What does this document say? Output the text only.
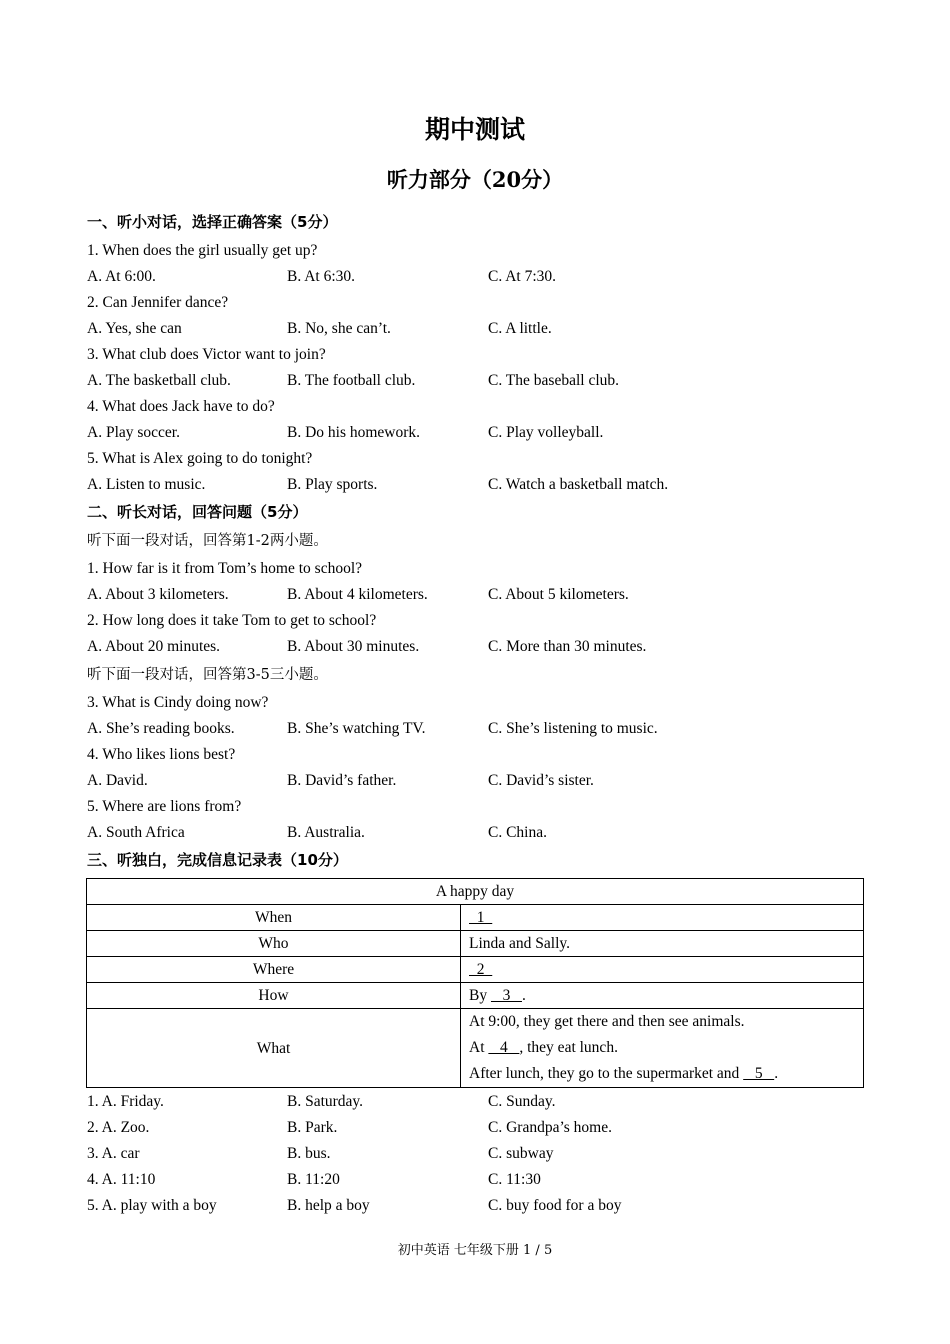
期中测试
听力部分（20分）
一、听小对话，选择正确答案（5分）
1. When does the girl usually get up?
A. At 6:00.	B. At 6:30.	C. At 7:30.
2. Can Jennifer dance?
A. Yes, she can	B. No, she can’t.	C. A little.
3. What club does Victor want to join?
A. The basketball club.	B. The football club.	C. The baseball club.
4. What does Jack have to do?
A. Play soccer.	B. Do his homework.	C. Play volleyball.
5. What is Alex going to do tonight?
A. Listen to music.	B. Play sports.	C. Watch a basketball match.
二、听长对话，回答问题（5分）
听下面一段对话，回答第1-2两小题。
1. How far is it from Tom’s home to school?
A. About 3 kilometers.	B. About 4 kilometers.	C. About 5 kilometers.
2. How long does it take Tom to get to school?
A. About 20 minutes.	B. About 30 minutes.	C. More than 30 minutes.
听下面一段对话，回答第3-5三小题。
3. What is Cindy doing now?
A. She’s reading books.	B. She’s watching TV.	C. She’s listening to music.
4. Who likes lions best?
A. David.	B. David’s father.	C. David’s sister.
5. Where are lions from?
A. South Africa	B. Australia.	C. China.
三、听独白，完成信息记录表（10分）
A happy day	
When	1
Who	Linda and Sally.
Where	2
How	By    3   .
What	At 9:00, they get there and then see animals.
At    4   , they eat lunch.
After lunch, they go to the supermarket and    5   .
1. A. Friday.	B. Saturday.	C. Sunday.
2. A. Zoo.	B. Park.	C. Grandpa’s home.
3. A. car	B. bus.	C. subway
4. A. 11:10	B. 11:20	C. 11:30
5. A. play with a boy	B. help a boy	C. buy food for a boy
初中英语 七年级下册 1 / 5
